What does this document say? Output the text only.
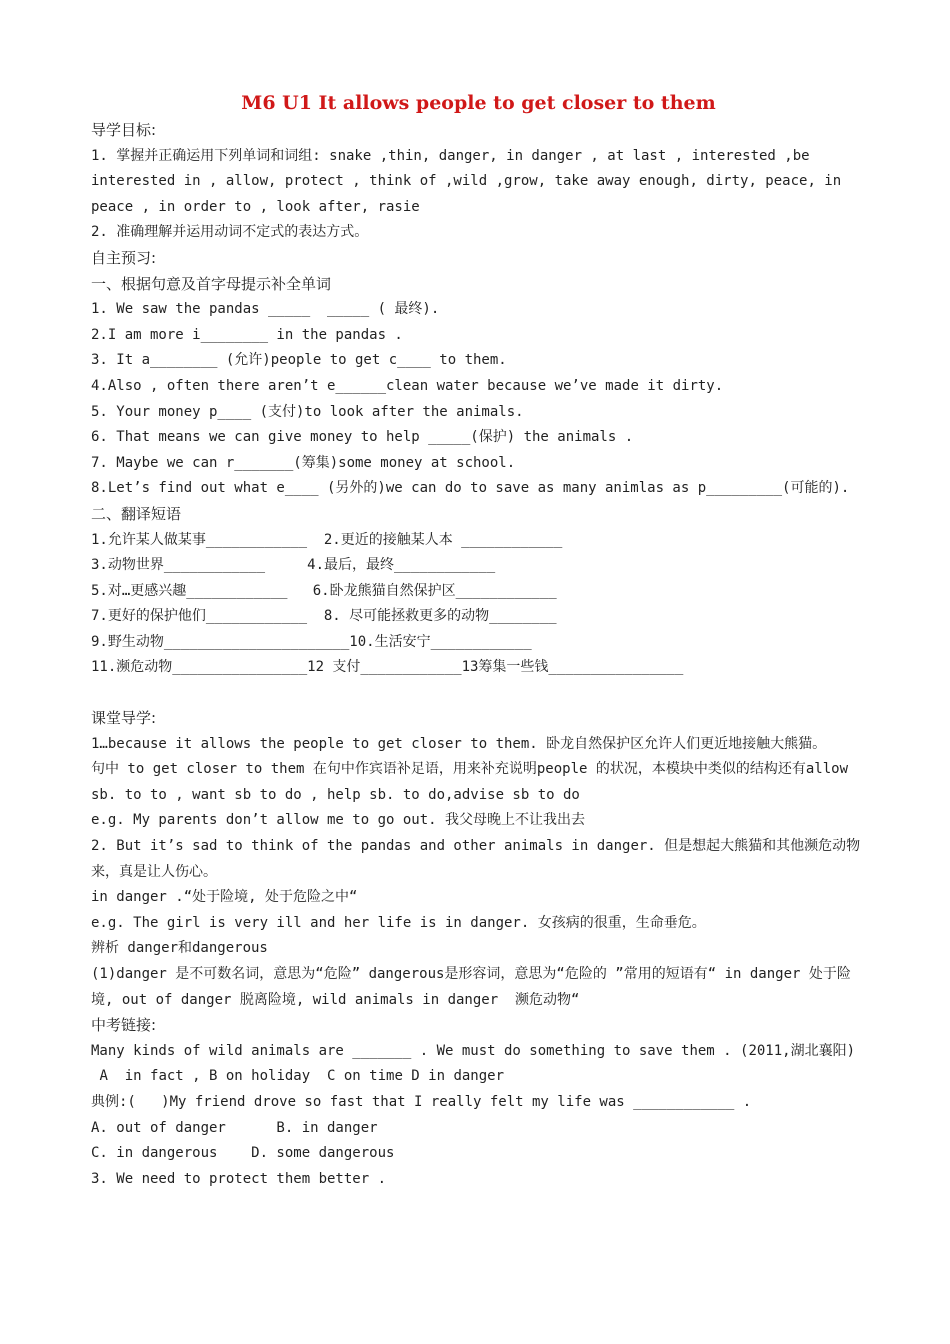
M6 U1 It allows people to get closer to them
导学目标:
1. 掌握并正确运用下列单词和词组: snake ,thin, danger, in danger , at last , interested ,be interested in , allow, protect , think of ,wild ,grow, take away enough, dirty, peace, in peace , in order to , look after, rasie
2. 准确理解并运用动词不定式的表达方式。
自主预习:
一、根据句意及首字母提示补全单词
1. We saw the pandas _____  _____ ( 最终).
2.I am more i________ in the pandas .
3. It a________ (允许)people to get c____ to them.
4.Also , often there aren’t e______clean water because we’ve made it dirty.
5. Your money p____ (支付)to look after the animals.
6. That means we can give money to help _____(保护) the animals .
7. Maybe we can r_______(筹集)some money at school.
8.Let’s find out what e____ (另外的)we can do to save as many animlas as p_________(可能的).
二、翻译短语
1.允许某人做某事____________  2.更近的接触某人本 ____________
3.动物世界____________     4.最后，最终____________
5.对…更感兴趣____________   6.卧龙熊猫自然保护区____________
7.更好的保护他们____________  8. 尽可能拯救更多的动物________
9.野生动物______________________10.生活安宁____________
11.濒危动物________________12 支付____________13筹集一些钱________________
课堂导学:
1…because it allows the people to get closer to them. 卧龙自然保护区允许人们更近地接触大熊猫。
句中 to get closer to them 在句中作宾语补足语，用来补充说明people 的状况，本模块中类似的结构还有allow sb. to to , want sb to do , help sb. to do,advise sb to do
e.g. My parents don’t allow me to go out. 我父母晚上不让我出去
2. But it’s sad to think of the pandas and other animals in danger. 但是想起大熊猫和其他濒危动物来，真是让人伤心。
in danger .“处于险境, 处于危险之中“
e.g. The girl is very ill and her life is in danger. 女孩病的很重，生命垂危。
辨析 danger和dangerous
(1)danger 是不可数名词，意思为“危险” dangerous是形容词，意思为“危险的 ”常用的短语有“ in danger 处于险境, out of danger 脱离险境, wild animals in danger  濒危动物“
中考链接:
Many kinds of wild animals are _______ . We must do something to save them . (2011,湖北襄阳)
A  in fact , B on holiday  C on time D in danger
典例:(   )My friend drove so fast that I really felt my life was ____________ .
A. out of danger      B. in danger
C. in dangerous    D. some dangerous
3. We need to protect them better .
